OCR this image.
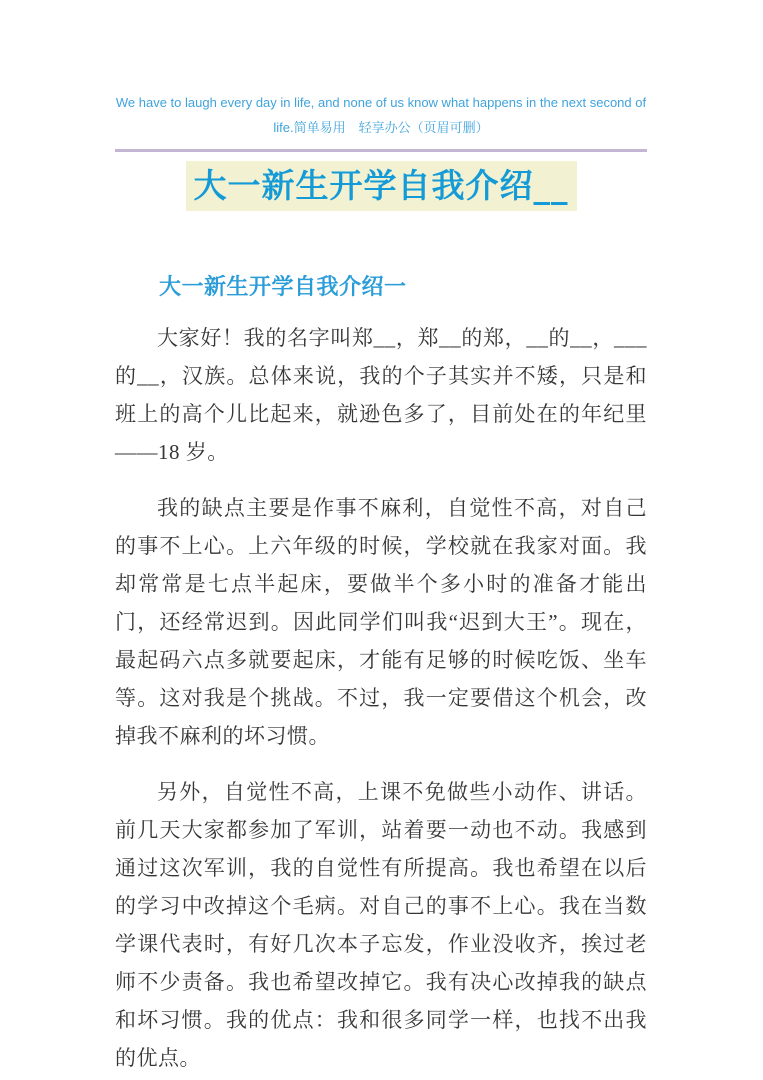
We have to laugh every day in life, and none of us know what happens in the next second of life.简单易用　轻享办公（页眉可删）
大一新生开学自我介绍__
大一新生开学自我介绍一

大家好！我的名字叫郑__，郑__的郑，__的__，___的__，汉族。总体来说，我的个子其实并不矮，只是和班上的高个儿比起来，就逊色多了，目前处在的年纪里——18 岁。

我的缺点主要是作事不麻利，自觉性不高，对自己的事不上心。上六年级的时候，学校就在我家对面。我却常常是七点半起床，要做半个多小时的准备才能出门，还经常迟到。因此同学们叫我“迟到大王”。现在，最起码六点多就要起床，才能有足够的时候吃饭、坐车等。这对我是个挑战。不过，我一定要借这个机会，改掉我不麻利的坏习惯。

另外，自觉性不高，上课不免做些小动作、讲话。前几天大家都参加了军训，站着要一动也不动。我感到通过这次军训，我的自觉性有所提高。我也希望在以后的学习中改掉这个毛病。对自己的事不上心。我在当数学课代表时，有好几次本子忘发，作业没收齐，挨过老师不少责备。我也希望改掉它。我有决心改掉我的缺点和坏习惯。我的优点：我和很多同学一样，也找不出我的优点。
